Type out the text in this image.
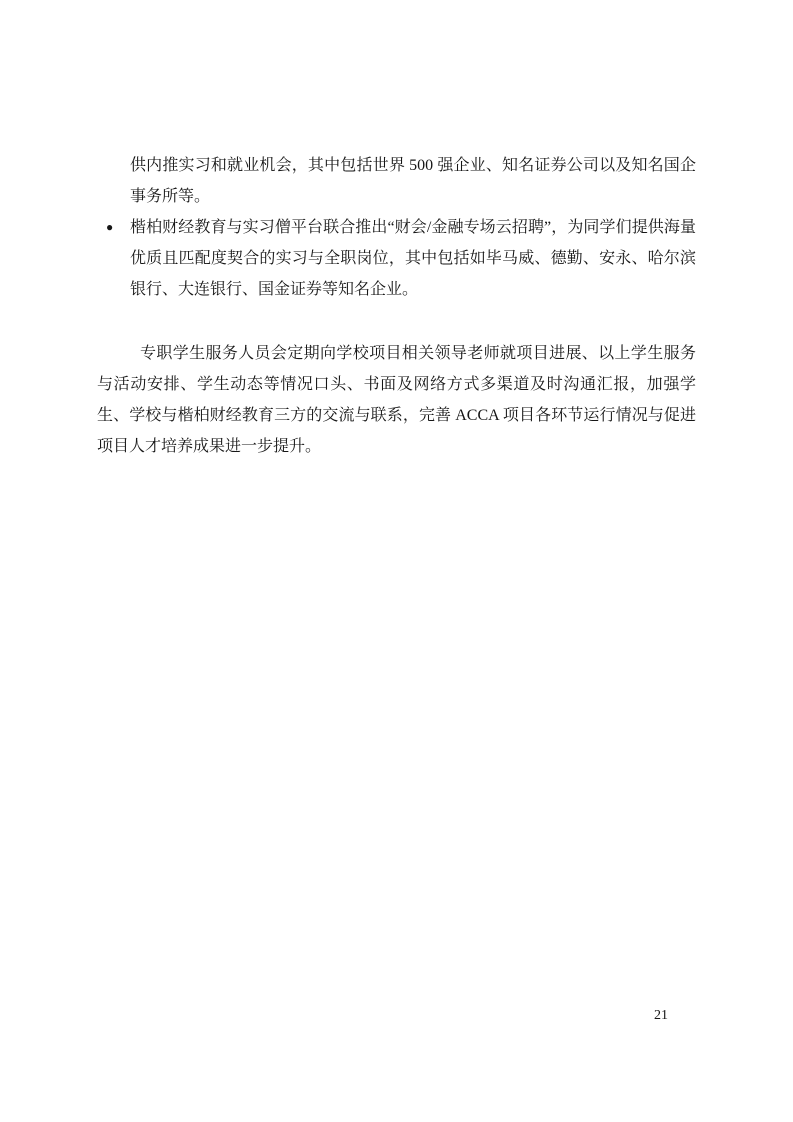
供内推实习和就业机会，其中包括世界 500 强企业、知名证券公司以及知名国企事务所等。
● 楷柏财经教育与实习僧平台联合推出“财会/金融专场云招聘”，为同学们提供海量优质且匹配度契合的实习与全职岗位，其中包括如毕马威、德勤、安永、哈尔滨银行、大连银行、国金证券等知名企业。
专职学生服务人员会定期向学校项目相关领导老师就项目进展、以上学生服务与活动安排、学生动态等情况口头、书面及网络方式多渠道及时沟通汇报，加强学生、学校与楷柏财经教育三方的交流与联系，完善 ACCA 项目各环节运行情况与促进项目人才培养成果进一步提升。
21
